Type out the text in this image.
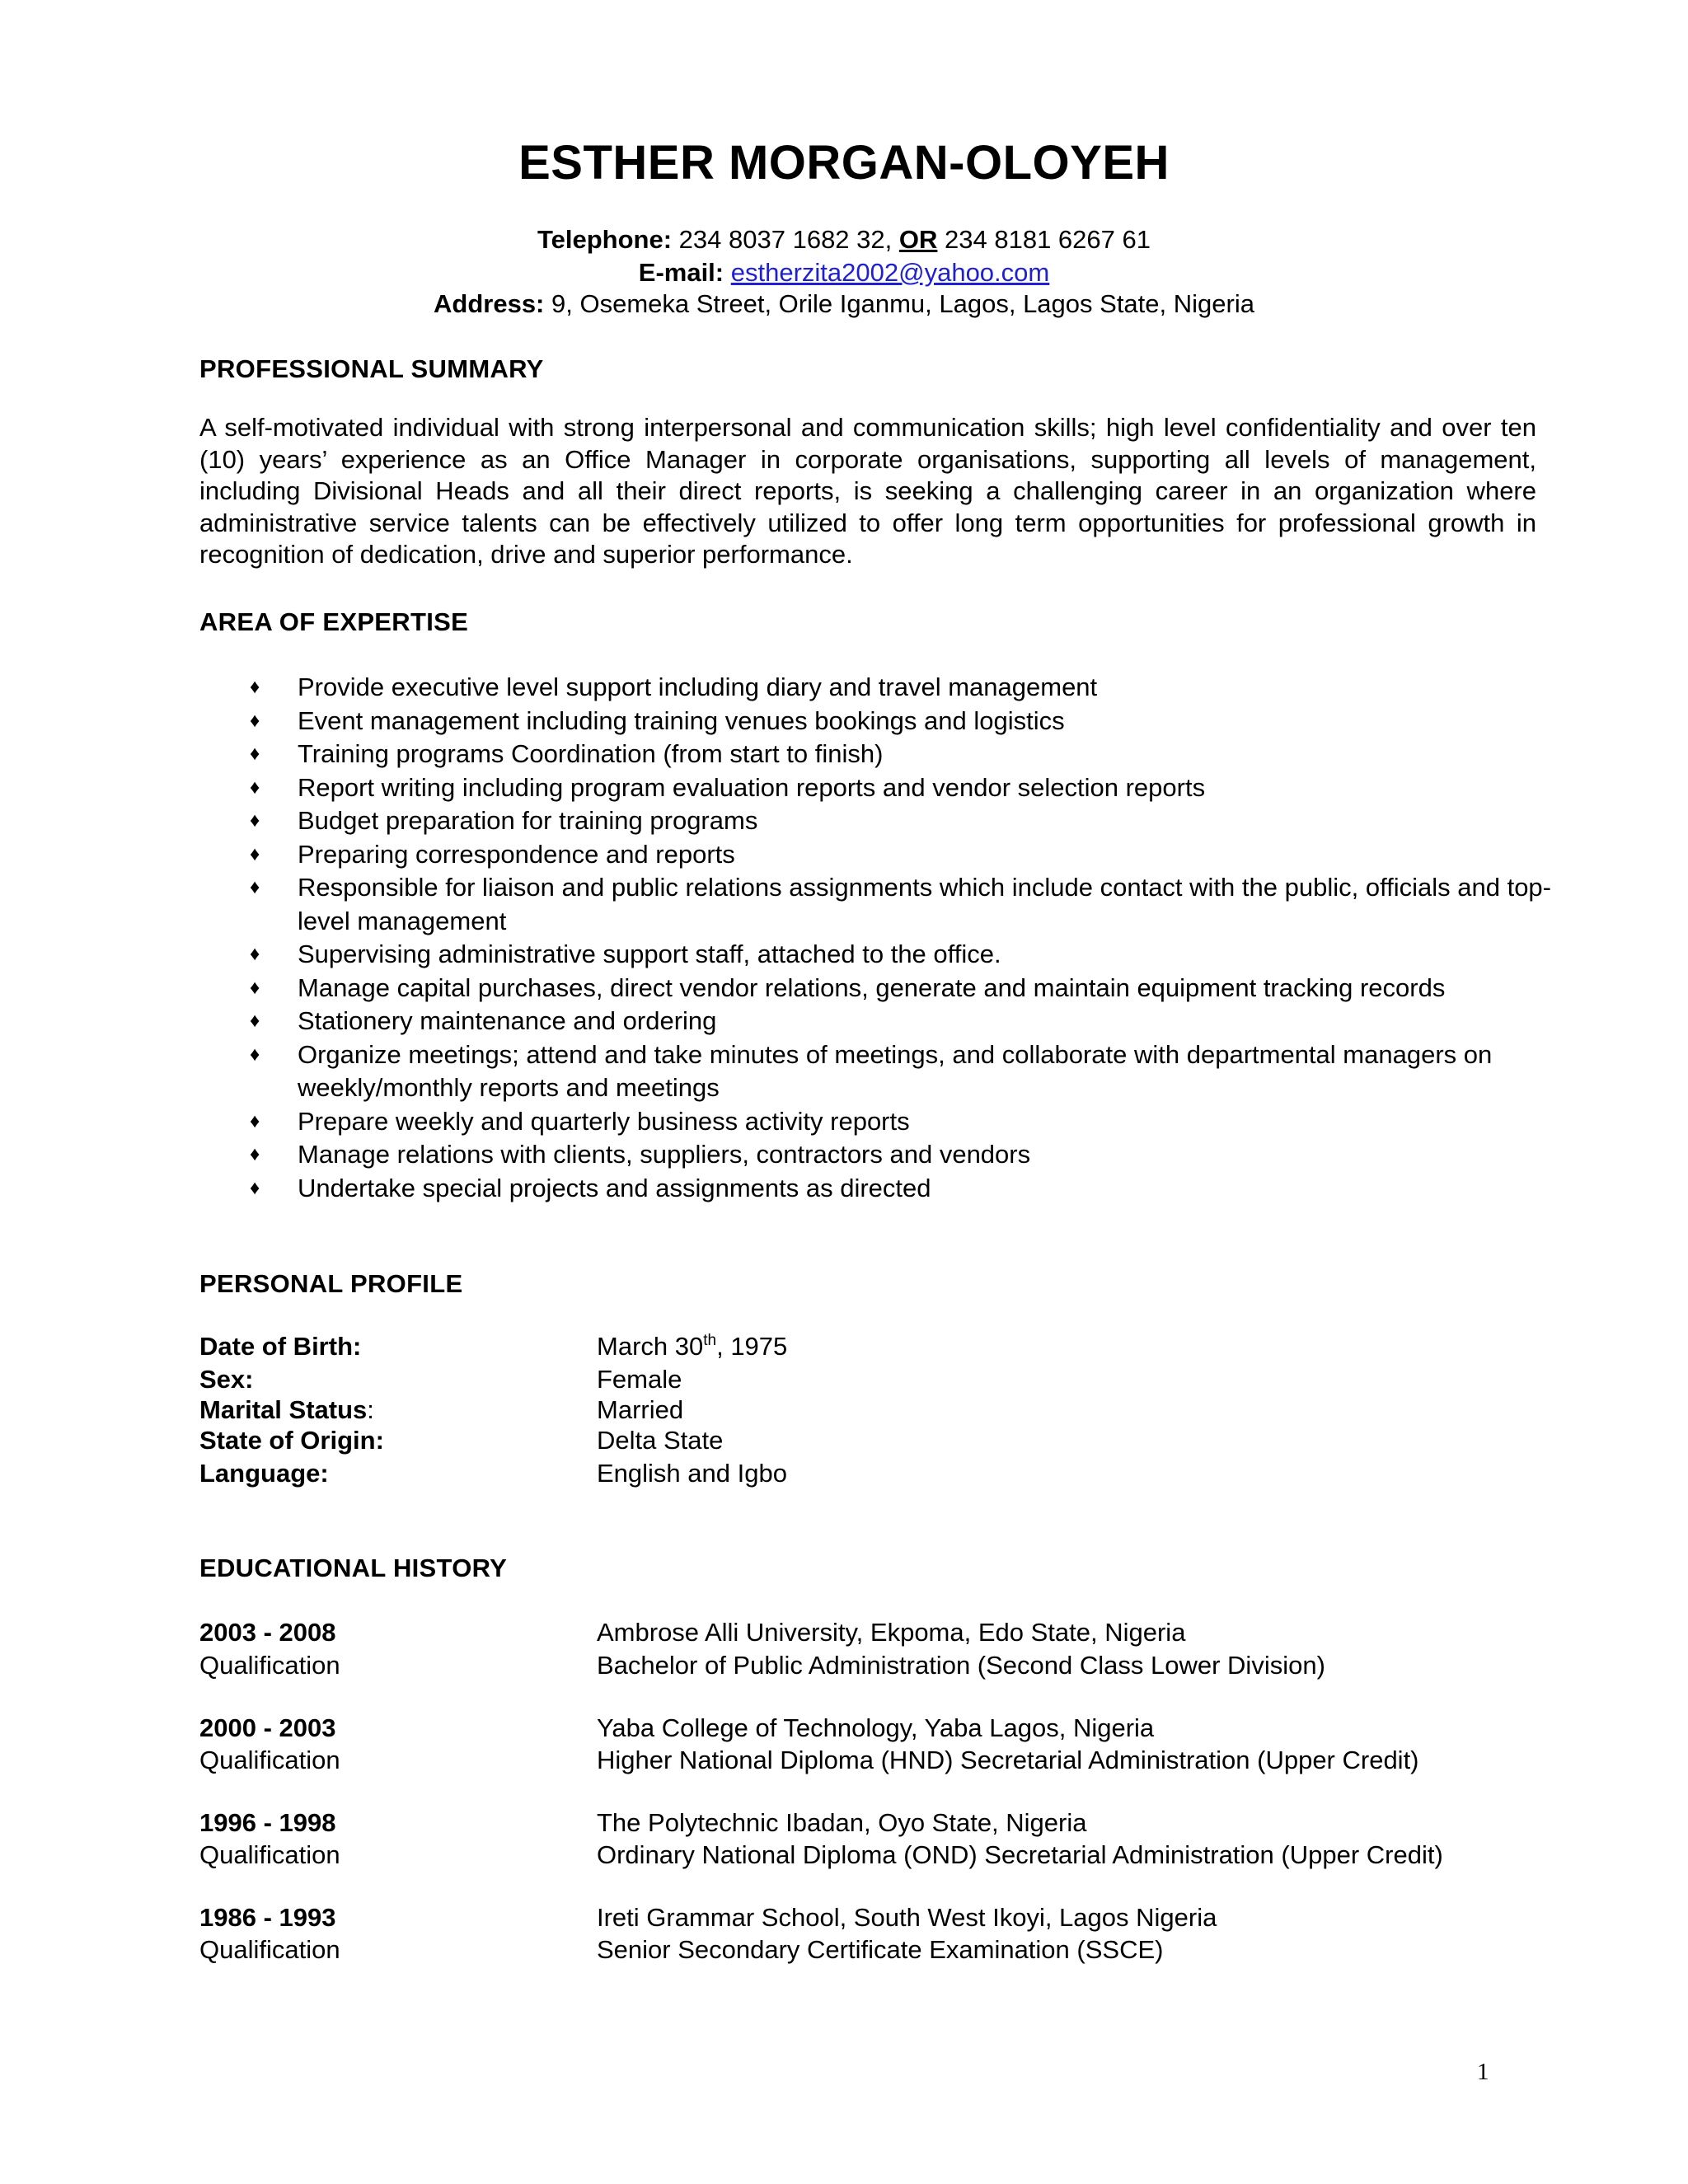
ESTHER MORGAN-OLOYEH
Telephone: 234 8037 1682 32, OR 234 8181 6267 61
E-mail: estherzita2002@yahoo.com
Address: 9, Osemeka Street, Orile Iganmu, Lagos, Lagos State, Nigeria
PROFESSIONAL SUMMARY

A self-motivated individual with strong interpersonal and communication skills; high level confidentiality and over ten (10) years’ experience as an Office Manager in corporate organisations, supporting all levels of management, including Divisional Heads and all their direct reports, is seeking a challenging career in an organization where administrative service talents can be effectively utilized to offer long term opportunities for professional growth in recognition of dedication, drive and superior performance.

AREA OF EXPERTISE
♦ Provide executive level support including diary and travel management
♦ Event management including training venues bookings and logistics
♦ Training programs Coordination (from start to finish)
♦ Report writing including program evaluation reports and vendor selection reports
♦ Budget preparation for training programs
♦ Preparing correspondence and reports
♦ Responsible for liaison and public relations assignments which include contact with the public, officials and top-level management
♦ Supervising administrative support staff, attached to the office.
♦ Manage capital purchases, direct vendor relations, generate and maintain equipment tracking records
♦ Stationery maintenance and ordering
♦ Organize meetings; attend and take minutes of meetings, and collaborate with departmental managers on weekly/monthly reports and meetings
♦ Prepare weekly and quarterly business activity reports
♦ Manage relations with clients, suppliers, contractors and vendors
♦ Undertake special projects and assignments as directed
PERSONAL PROFILE
Date of Birth:	March 30th, 1975
Sex:	Female
Marital Status:	Married
State of Origin:	Delta State
Language:	English and Igbo
EDUCATIONAL HISTORY
2003 - 2008	Ambrose Alli University, Ekpoma, Edo State, Nigeria
Qualification	Bachelor of Public Administration (Second Class Lower Division)
2000 - 2003	Yaba College of Technology, Yaba Lagos, Nigeria
Qualification	Higher National Diploma (HND) Secretarial Administration (Upper Credit)
1996 - 1998	The Polytechnic Ibadan, Oyo State, Nigeria
Qualification	Ordinary National Diploma (OND) Secretarial Administration (Upper Credit)
1986 - 1993	Ireti Grammar School, South West Ikoyi, Lagos Nigeria
Qualification	Senior Secondary Certificate Examination (SSCE)
1
